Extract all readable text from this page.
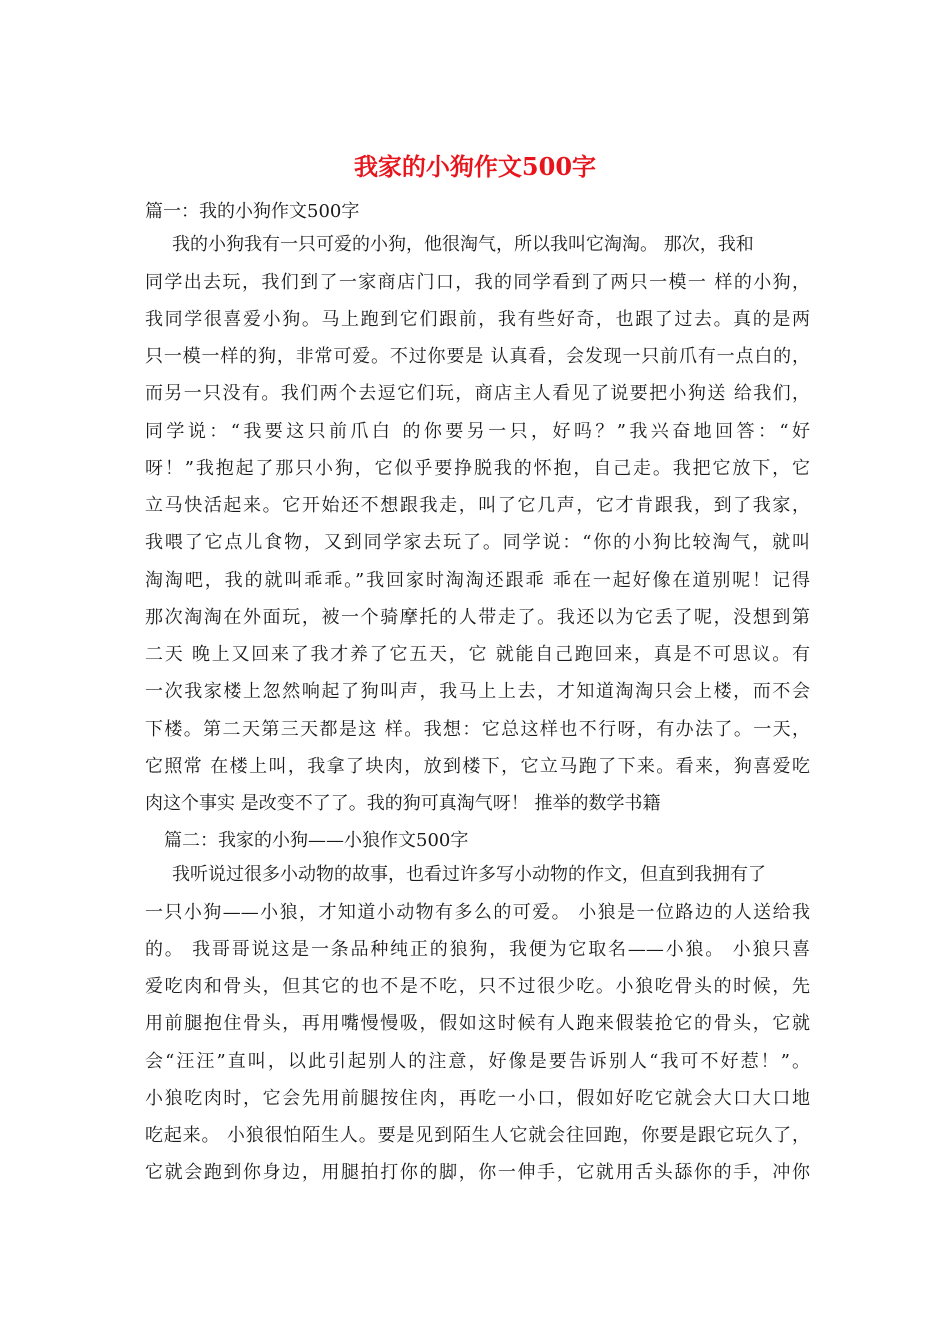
我家的小狗作文500字
篇一：我的小狗作文500字
我的小狗我有一只可爱的小狗，他很淘气，所以我叫它淘淘。 那次，我和
同学出去玩，我们到了一家商店门口，我的同学看到了两只一模一 样的小狗，
我同学很喜爱小狗。马上跑到它们跟前，我有些好奇，也跟了过去。真的是两
只一模一样的狗，非常可爱。不过你要是 认真看，会发现一只前爪有一点白的，
而另一只没有。我们两个去逗它们玩，商店主人看见了说要把小狗送 给我们，
同学说：“我要这只前爪白 的你要另一只，好吗？”我兴奋地回答：“好
呀！”我抱起了那只小狗，它似乎要挣脱我的怀抱，自己走。我把它放下，它
立马快活起来。它开始还不想跟我走，叫了它几声，它才肯跟我，到了我家，
我喂了它点儿食物，又到同学家去玩了。同学说：“你的小狗比较淘气，就叫
淘淘吧，我的就叫乖乖。”我回家时淘淘还跟乖 乖在一起好像在道别呢！记得
那次淘淘在外面玩，被一个骑摩托的人带走了。我还以为它丢了呢，没想到第
二天 晚上又回来了我才养了它五天，它 就能自己跑回来，真是不可思议。有
一次我家楼上忽然响起了狗叫声，我马上上去，才知道淘淘只会上楼，而不会
下楼。第二天第三天都是这 样。我想：它总这样也不行呀，有办法了。一天，
它照常 在楼上叫，我拿了块肉，放到楼下，它立马跑了下来。看来，狗喜爱吃
肉这个事实 是改变不了了。我的狗可真淘气呀！ 推举的数学书籍
篇二：我家的小狗——小狼作文500字
我听说过很多小动物的故事，也看过许多写小动物的作文，但直到我拥有了
一只小狗——小狼，才知道小动物有多么的可爱。 小狼是一位路边的人送给我
的。 我哥哥说这是一条品种纯正的狼狗，我便为它取名——小狼。 小狼只喜
爱吃肉和骨头，但其它的也不是不吃，只不过很少吃。小狼吃骨头的时候，先
用前腿抱住骨头，再用嘴慢慢吸，假如这时候有人跑来假装抢它的骨头，它就
会“汪汪”直叫，以此引起别人的注意，好像是要告诉别人“我可不好惹！”。
小狼吃肉时，它会先用前腿按住肉，再吃一小口，假如好吃它就会大口大口地
吃起来。 小狼很怕陌生人。要是见到陌生人它就会往回跑，你要是跟它玩久了，
它就会跑到你身边，用腿拍打你的脚，你一伸手，它就用舌头舔你的手，冲你
